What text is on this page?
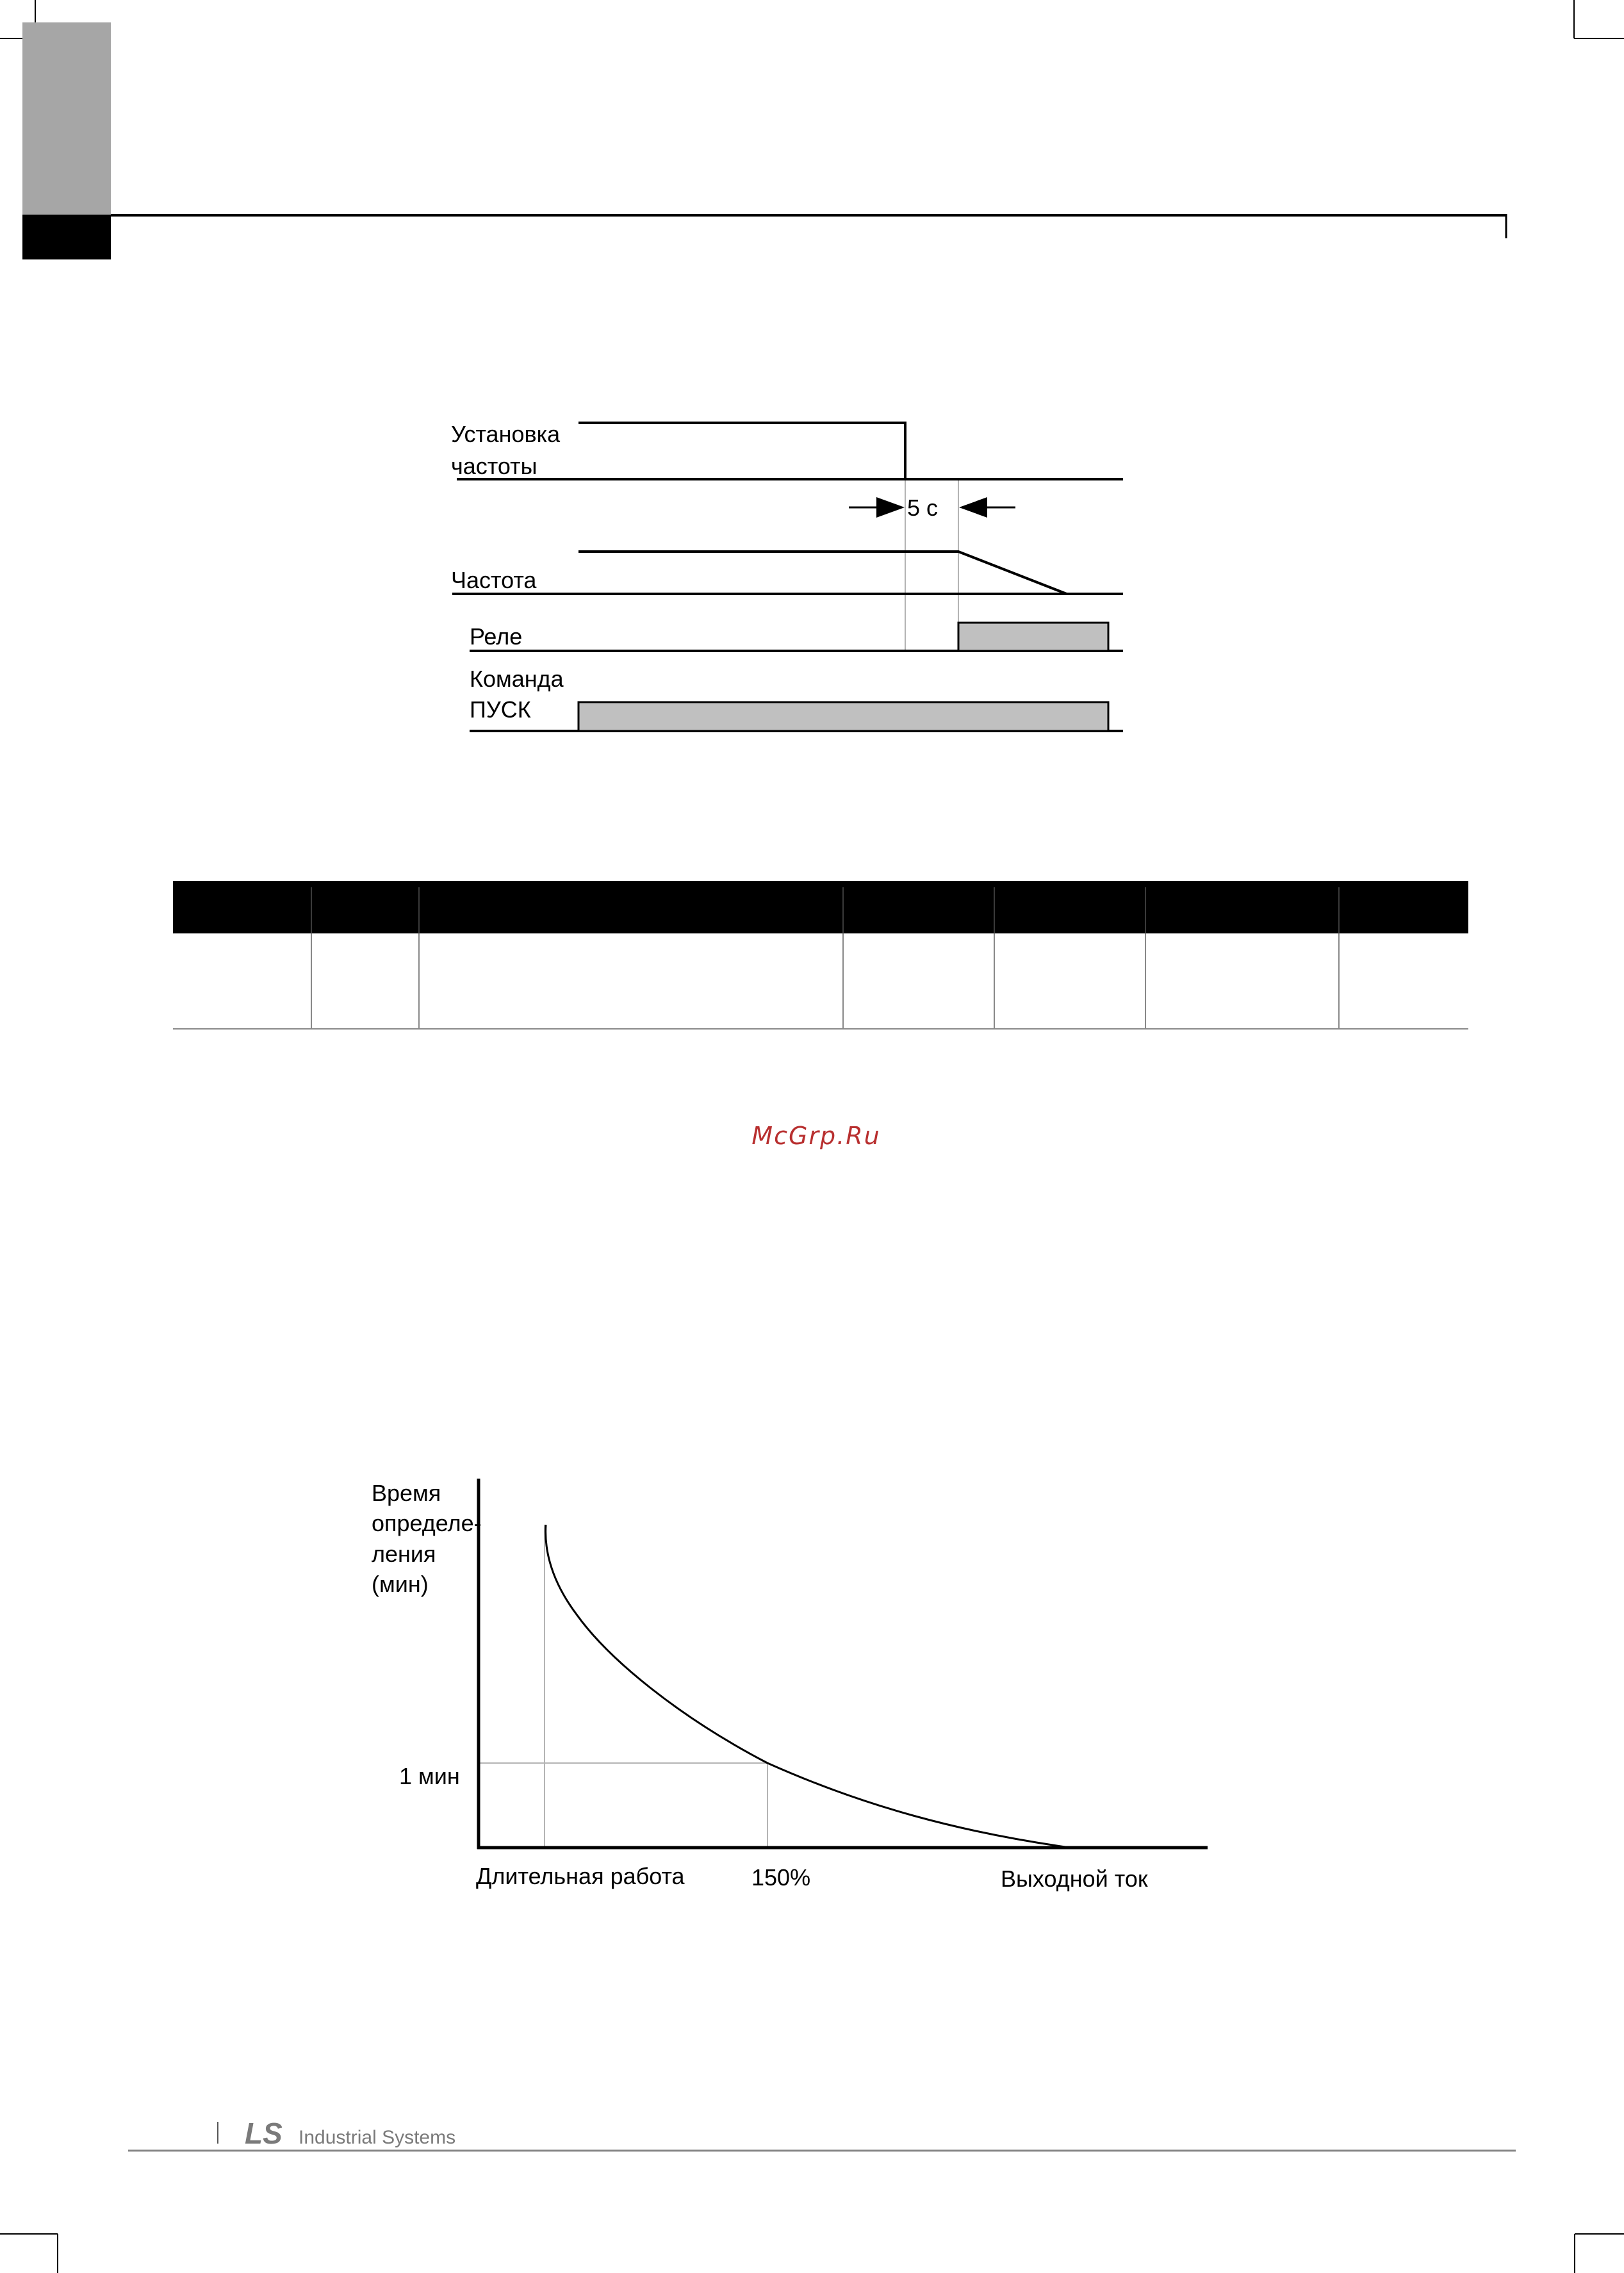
Установка
частоты
5 с
Частота
Реле
Команда
ПУСК
McGrp.Ru
Время
определе-
ления
(мин)
1 мин
Длительная работа	150%	Выходной ток
LS Industrial Systems
